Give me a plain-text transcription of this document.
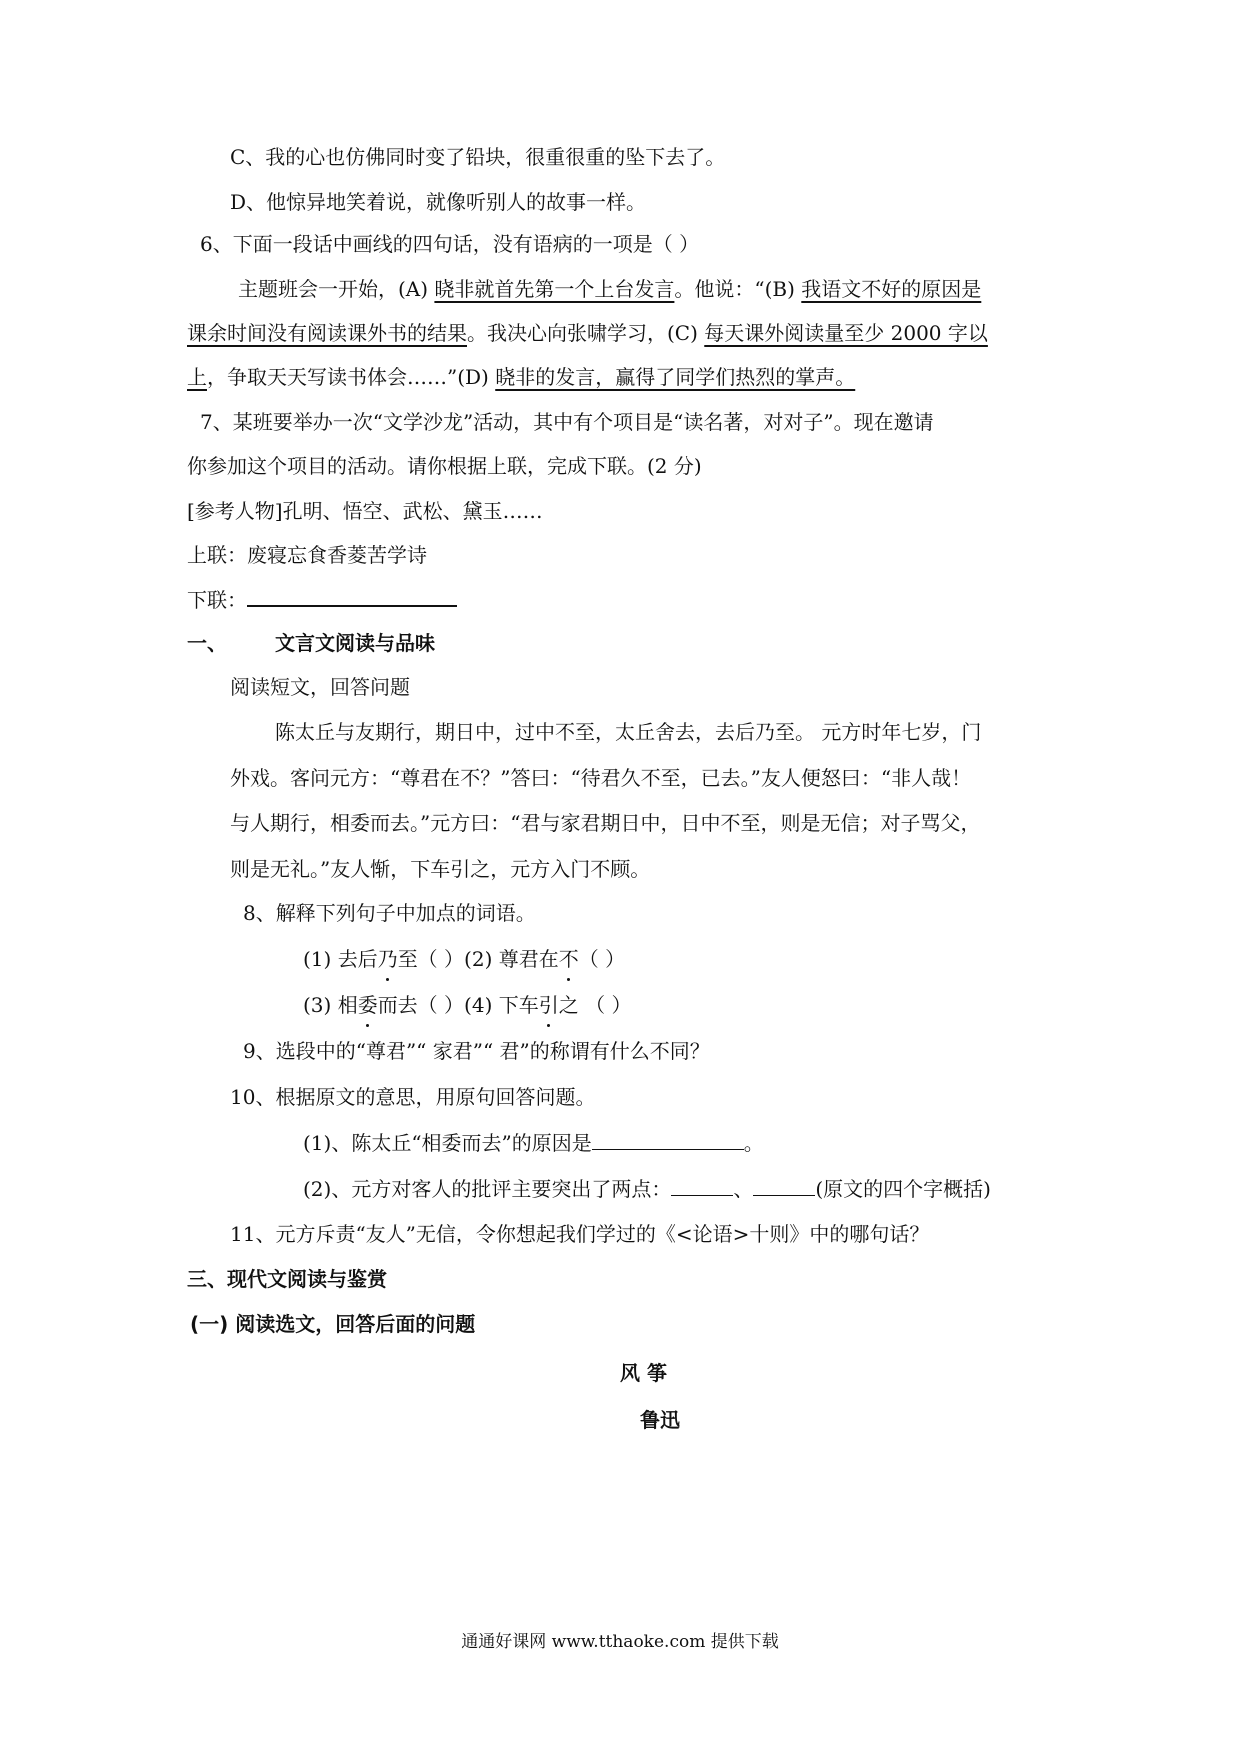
C、我的心也仿佛同时变了铅块，很重很重的坠下去了。
D、他惊异地笑着说，就像听别人的故事一样。
6、下面一段话中画线的四句话，没有语病的一项是（ ）
主题班会一开始，(A) 晓非就首先第一个上台发言。他说：“(B) 我语文不好的原因是
课余时间没有阅读课外书的结果。我决心向张啸学习，(C) 每天课外阅读量至少 2000 字以
上，争取天天写读书体会……”(D) 晓非的发言，赢得了同学们热烈的掌声。
7、某班要举办一次“文学沙龙”活动，其中有个项目是“读名著，对对子”。现在邀请
你参加这个项目的活动。请你根据上联，完成下联。(2 分)
[参考人物]孔明、悟空、武松、黛玉……
上联：废寝忘食香菱苦学诗
下联：
一、 文言文阅读与品味
阅读短文，回答问题
陈太丘与友期行，期日中，过中不至，太丘舍去，去后乃至。 元方时年七岁，门
外戏。客问元方：“尊君在不？”答曰：“待君久不至，已去。”友人便怒曰：“非人哉！
与人期行，相委而去。”元方曰：“君与家君期日中，日中不至，则是无信；对子骂父，
则是无礼。”友人惭，下车引之，元方入门不顾。
8、解释下列句子中加点的词语。
(1) 去后乃至（ ）(2) 尊君在不（ ）
(3) 相委而去（ ）(4) 下车引之 （ ）
9、选段中的“尊君”“ 家君”“ 君”的称谓有什么不同？
10、根据原文的意思，用原句回答问题。
(1)、陈太丘“相委而去”的原因是	。
(2)、元方对客人的批评主要突出了两点：	、	(原文的四个字概括)
11、元方斥责“友人”无信，令你想起我们学过的《<论语>十则》中的哪句话？
三、现代文阅读与鉴赏
(一) 阅读选文，回答后面的问题
风 筝
鲁迅
通通好课网 www.tthaoke.com 提供下载
